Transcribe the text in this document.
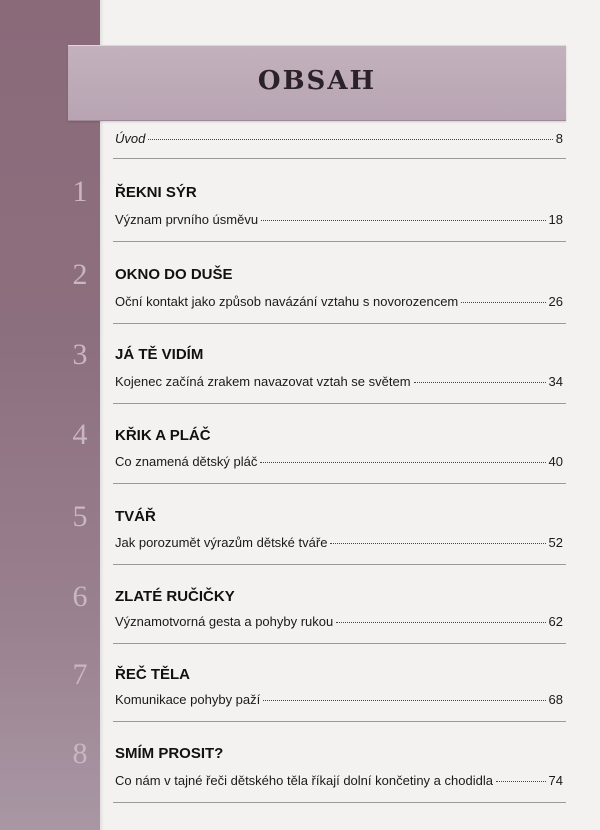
OBSAH
Úvod	8
1	ŘEKNI SÝR
Význam prvního úsměvu	18
2	OKNO DO DUŠE
Oční kontakt jako způsob navázání vztahu s novorozencem	26
3	JÁ TĚ VIDÍM
Kojenec začíná zrakem navazovat vztah se světem	34
4	KŘIK A PLÁČ
Co znamená dětský pláč	40
5	TVÁŘ
Jak porozumět výrazům dětské tváře	52
6	ZLATÉ RUČIČKY
Významotvorná gesta a pohyby rukou	62
7	ŘEČ TĚLA
Komunikace pohyby paží	68
8	SMÍM PROSIT?
Co nám v tajné řeči dětského těla říkají dolní končetiny a chodidla	74
